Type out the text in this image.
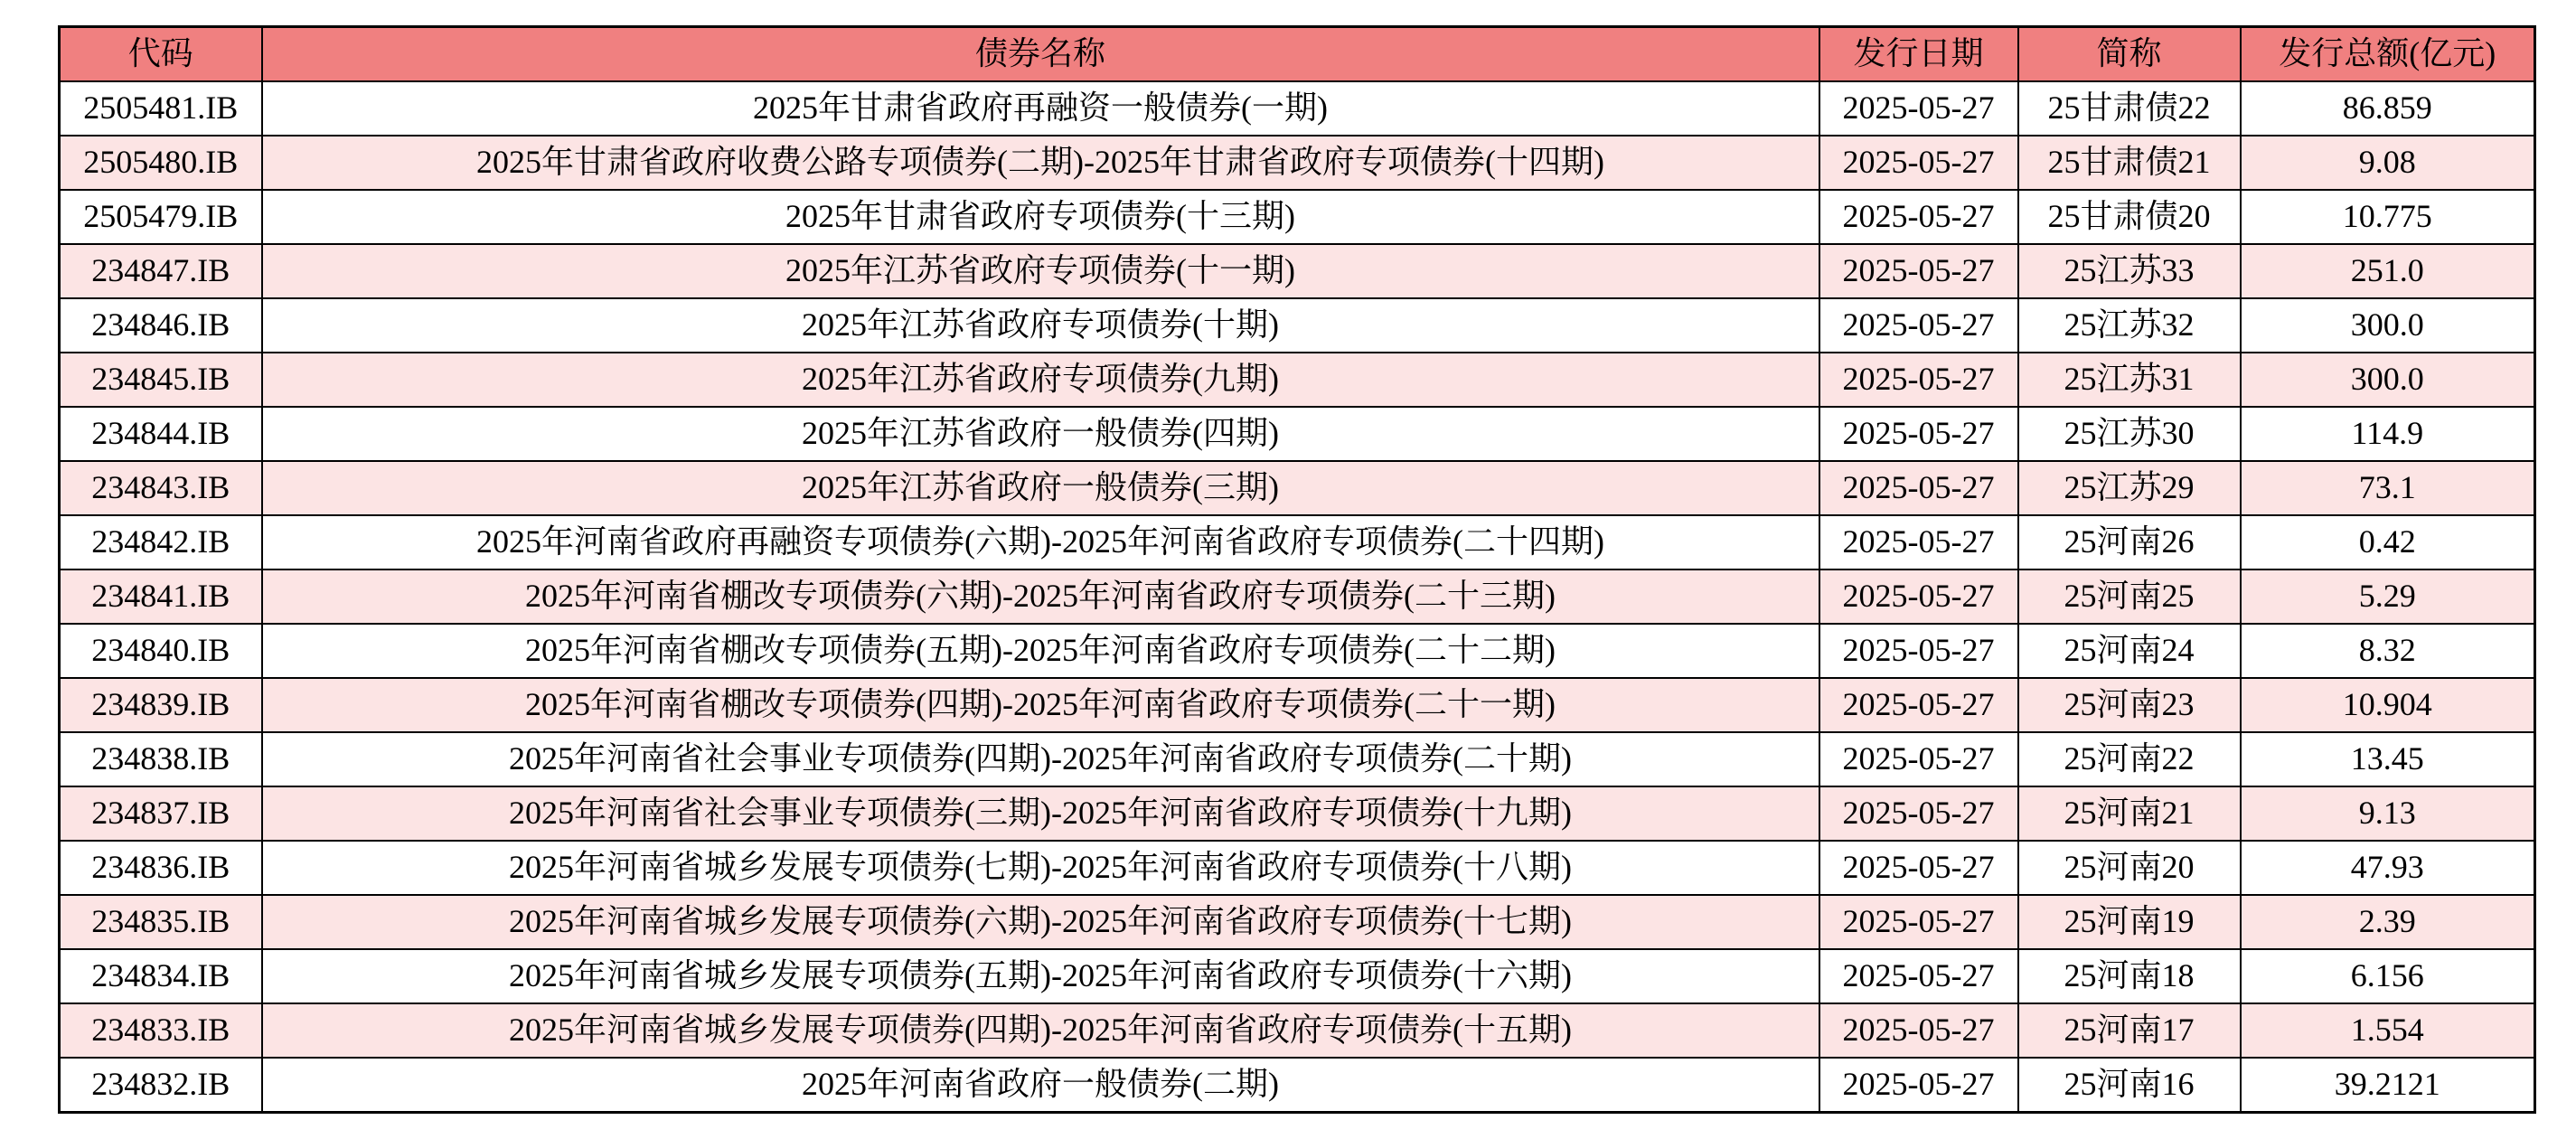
代码	债券名称	发行日期	简称	发行总额(亿元)
2505481.IB	2025年甘肃省政府再融资一般债券(一期)	2025-05-27	25甘肃债22	86.859
2505480.IB	2025年甘肃省政府收费公路专项债券(二期)-2025年甘肃省政府专项债券(十四期)	2025-05-27	25甘肃债21	9.08
2505479.IB	2025年甘肃省政府专项债券(十三期)	2025-05-27	25甘肃债20	10.775
234847.IB	2025年江苏省政府专项债券(十一期)	2025-05-27	25江苏33	251.0
234846.IB	2025年江苏省政府专项债券(十期)	2025-05-27	25江苏32	300.0
234845.IB	2025年江苏省政府专项债券(九期)	2025-05-27	25江苏31	300.0
234844.IB	2025年江苏省政府一般债券(四期)	2025-05-27	25江苏30	114.9
234843.IB	2025年江苏省政府一般债券(三期)	2025-05-27	25江苏29	73.1
234842.IB	2025年河南省政府再融资专项债券(六期)-2025年河南省政府专项债券(二十四期)	2025-05-27	25河南26	0.42
234841.IB	2025年河南省棚改专项债券(六期)-2025年河南省政府专项债券(二十三期)	2025-05-27	25河南25	5.29
234840.IB	2025年河南省棚改专项债券(五期)-2025年河南省政府专项债券(二十二期)	2025-05-27	25河南24	8.32
234839.IB	2025年河南省棚改专项债券(四期)-2025年河南省政府专项债券(二十一期)	2025-05-27	25河南23	10.904
234838.IB	2025年河南省社会事业专项债券(四期)-2025年河南省政府专项债券(二十期)	2025-05-27	25河南22	13.45
234837.IB	2025年河南省社会事业专项债券(三期)-2025年河南省政府专项债券(十九期)	2025-05-27	25河南21	9.13
234836.IB	2025年河南省城乡发展专项债券(七期)-2025年河南省政府专项债券(十八期)	2025-05-27	25河南20	47.93
234835.IB	2025年河南省城乡发展专项债券(六期)-2025年河南省政府专项债券(十七期)	2025-05-27	25河南19	2.39
234834.IB	2025年河南省城乡发展专项债券(五期)-2025年河南省政府专项债券(十六期)	2025-05-27	25河南18	6.156
234833.IB	2025年河南省城乡发展专项债券(四期)-2025年河南省政府专项债券(十五期)	2025-05-27	25河南17	1.554
234832.IB	2025年河南省政府一般债券(二期)	2025-05-27	25河南16	39.2121
